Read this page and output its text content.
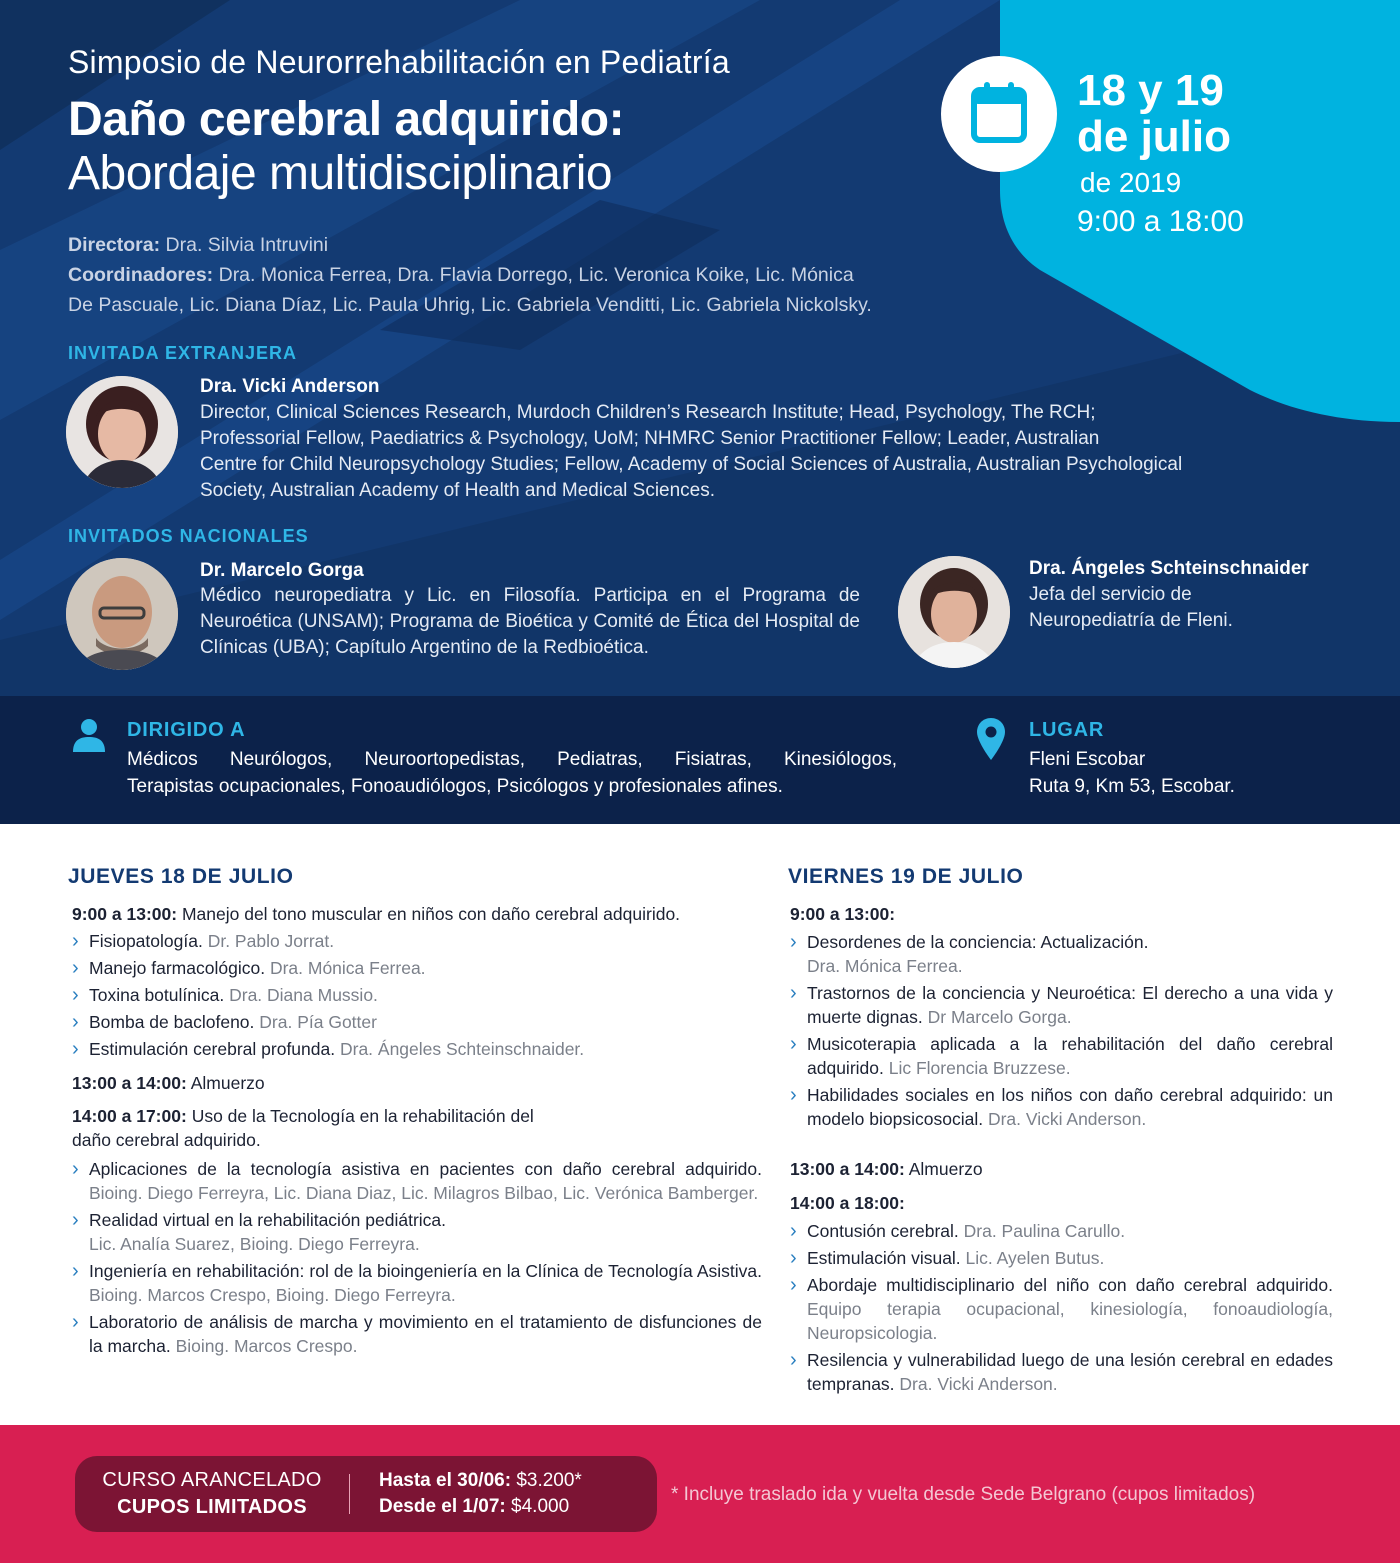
Simposio de Neurorrehabilitación en Pediatría
Daño cerebral adquirido:
Abordaje multidisciplinario
18 y 19
de julio
de 2019
9:00 a 18:00
Directora: Dra. Silvia Intruvini
Coordinadores: Dra. Monica Ferrea, Dra. Flavia Dorrego, Lic. Veronica Koike, Lic. Mónica
De Pascuale, Lic. Diana Díaz, Lic. Paula Uhrig, Lic. Gabriela Venditti, Lic. Gabriela Nickolsky.
INVITADA EXTRANJERA
Dra. Vicki Anderson
Director, Clinical Sciences Research, Murdoch Children’s Research Institute; Head, Psychology, The RCH;
Professorial Fellow, Paediatrics & Psychology, UoM; NHMRC Senior Practitioner Fellow; Leader, Australian
Centre for Child Neuropsychology Studies; Fellow, Academy of Social Sciences of Australia, Australian Psychological
Society, Australian Academy of Health and Medical Sciences.
INVITADOS NACIONALES
Dr. Marcelo Gorga
Médico neuropediatra y Lic. en Filosofía. Participa en el Programa de Neuroética (UNSAM); Programa de Bioética y Comité de Ética del Hospital de Clínicas (UBA); Capítulo Argentino de la Redbioética.
Dra. Ángeles Schteinschnaider
Jefa del servicio de
Neuropediatría de Fleni.
DIRIGIDO A
Médicos Neurólogos, Neuroortopedistas, Pediatras, Fisiatras, Kinesiólogos,
Terapistas ocupacionales, Fonoaudiólogos, Psicólogos y profesionales afines.
LUGAR
Fleni Escobar
Ruta 9, Km 53, Escobar.
JUEVES 18 DE JULIO
9:00 a 13:00: Manejo del tono muscular en niños con daño cerebral adquirido.
› Fisiopatología. Dr. Pablo Jorrat.
› Manejo farmacológico. Dra. Mónica Ferrea.
› Toxina botulínica. Dra. Diana Mussio.
› Bomba de baclofeno. Dra. Pía Gotter
› Estimulación cerebral profunda. Dra. Ángeles Schteinschnaider.
13:00 a 14:00: Almuerzo
14:00 a 17:00: Uso de la Tecnología en la rehabilitación del
daño cerebral adquirido.
› Aplicaciones de la tecnología asistiva en pacientes con daño cerebral adquirido. Bioing. Diego Ferreyra, Lic. Diana Diaz, Lic. Milagros Bilbao, Lic. Verónica Bamberger.
› Realidad virtual en la rehabilitación pediátrica.
Lic. Analía Suarez, Bioing. Diego Ferreyra.
› Ingeniería en rehabilitación: rol de la bioingeniería en la Clínica de Tecnología Asistiva. Bioing. Marcos Crespo, Bioing. Diego Ferreyra.
› Laboratorio de análisis de marcha y movimiento en el tratamiento de disfunciones de la marcha. Bioing. Marcos Crespo.
VIERNES 19 DE JULIO
9:00 a 13:00:
› Desordenes de la conciencia: Actualización.
Dra. Mónica Ferrea.
› Trastornos de la conciencia y Neuroética: El derecho a una vida y muerte dignas. Dr Marcelo Gorga.
› Musicoterapia aplicada a la rehabilitación del daño cerebral adquirido. Lic Florencia Bruzzese.
› Habilidades sociales en los niños con daño cerebral adquirido: un modelo biopsicosocial. Dra. Vicki Anderson.
13:00 a 14:00: Almuerzo
14:00 a 18:00:
› Contusión cerebral. Dra. Paulina Carullo.
› Estimulación visual. Lic. Ayelen Butus.
› Abordaje multidisciplinario del niño con daño cerebral adquirido. Equipo terapia ocupacional, kinesiología, fonoaudiología, Neuropsicologia.
› Resilencia y vulnerabilidad luego de una lesión cerebral en edades tempranas. Dra. Vicki Anderson.
CURSO ARANCELADO
CUPOS LIMITADOS
Hasta el 30/06: $3.200*
Desde el 1/07: $4.000
* Incluye traslado ida y vuelta desde Sede Belgrano (cupos limitados)
